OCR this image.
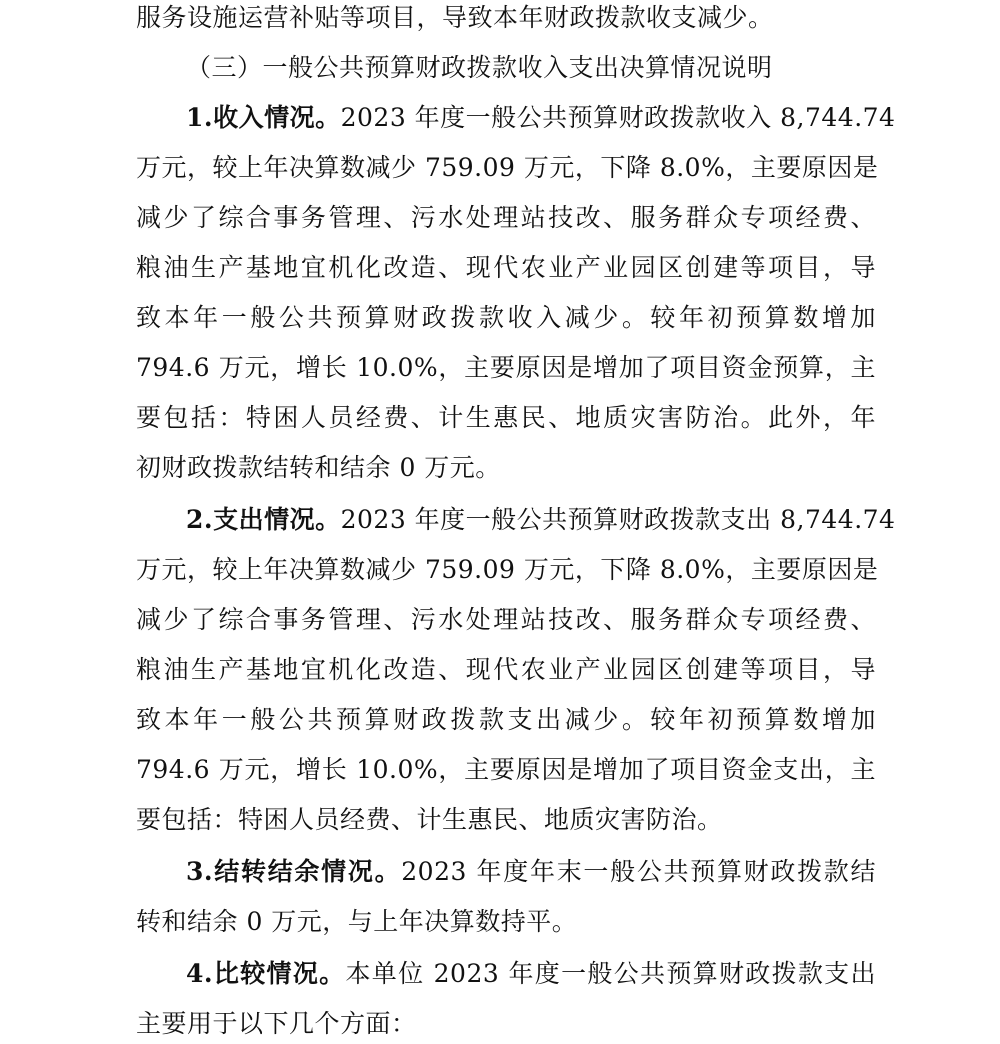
服务设施运营补贴等项目，导致本年财政拨款收支减少。
（三）一般公共预算财政拨款收入支出决算情况说明
1.收入情况。2023 年度一般公共预算财政拨款收入 8,744.74
万元，较上年决算数减少 759.09 万元，下降 8.0%，主要原因是
减少了综合事务管理、污水处理站技改、服务群众专项经费、
粮油生产基地宜机化改造、现代农业产业园区创建等项目，导
致本年一般公共预算财政拨款收入减少。较年初预算数增加
794.6 万元，增长 10.0%，主要原因是增加了项目资金预算，主
要包括：特困人员经费、计生惠民、地质灾害防治。此外，年
初财政拨款结转和结余 0 万元。
2.支出情况。2023 年度一般公共预算财政拨款支出 8,744.74
万元，较上年决算数减少 759.09 万元，下降 8.0%，主要原因是
减少了综合事务管理、污水处理站技改、服务群众专项经费、
粮油生产基地宜机化改造、现代农业产业园区创建等项目，导
致本年一般公共预算财政拨款支出减少。较年初预算数增加
794.6 万元，增长 10.0%，主要原因是增加了项目资金支出，主
要包括：特困人员经费、计生惠民、地质灾害防治。
3.结转结余情况。2023 年度年末一般公共预算财政拨款结
转和结余 0 万元，与上年决算数持平。
4.比较情况。本单位 2023 年度一般公共预算财政拨款支出
主要用于以下几个方面：
